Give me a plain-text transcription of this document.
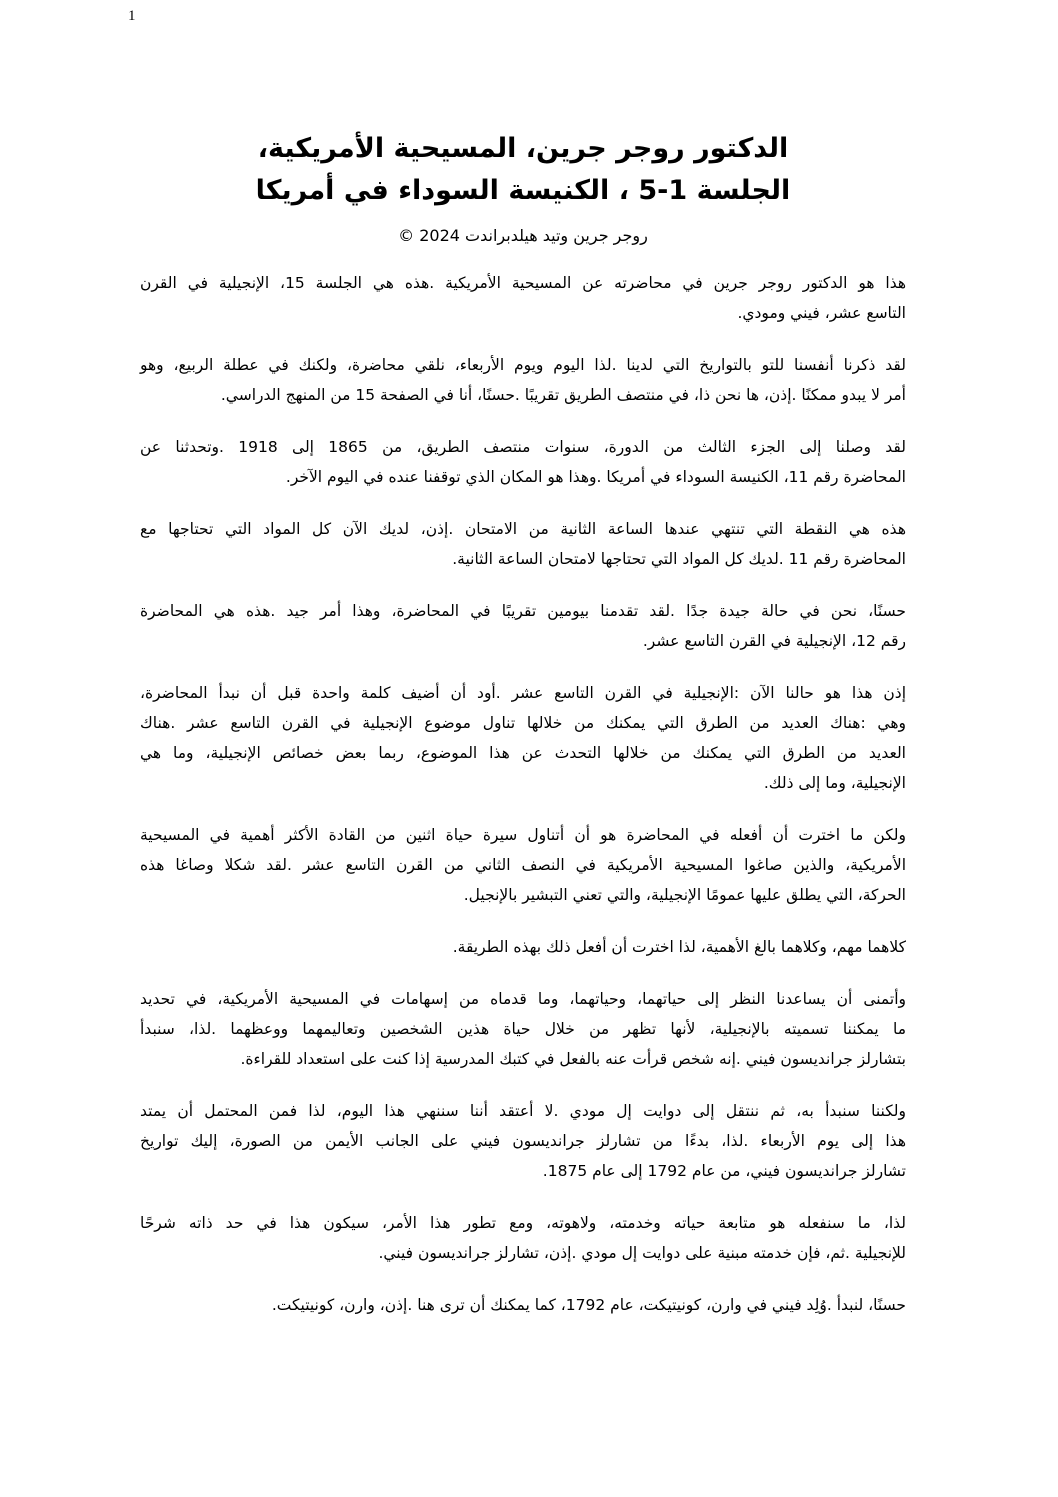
1
الدكتور روجر جرين، المسيحية الأمريكية،
الجلسة 1-5 ، الكنيسة السوداء في أمريكا
روجر جرين وتيد هيلدبراندت 2024 ©
هذا هو الدكتور روجر جرين في محاضرته عن المسيحية الأمريكية .هذه هي الجلسة 15، الإنجيلية في القرن
التاسع عشر، فيني ومودي.
لقد ذكرنا أنفسنا للتو بالتواريخ التي لدينا .لذا اليوم ويوم الأربعاء، نلقي محاضرة، ولكنك في عطلة الربيع، وهو
أمر لا يبدو ممكنًا .إذن، ها نحن ذا، في منتصف الطريق تقريبًا .حسنًا، أنا في الصفحة 15 من المنهج الدراسي.
لقد وصلنا إلى الجزء الثالث من الدورة، سنوات منتصف الطريق، من 1865 إلى 1918 .وتحدثنا عن
المحاضرة رقم 11، الكنيسة السوداء في أمريكا .وهذا هو المكان الذي توقفنا عنده في اليوم الآخر.
هذه هي النقطة التي تنتهي عندها الساعة الثانية من الامتحان .إذن، لديك الآن كل المواد التي تحتاجها مع
المحاضرة رقم 11 .لديك كل المواد التي تحتاجها لامتحان الساعة الثانية.
حسنًا، نحن في حالة جيدة جدًا .لقد تقدمنا بيومين تقريبًا في المحاضرة، وهذا أمر جيد .هذه هي المحاضرة
رقم 12، الإنجيلية في القرن التاسع عشر.
إذن هذا هو حالنا الآن :الإنجيلية في القرن التاسع عشر .أود أن أضيف كلمة واحدة قبل أن نبدأ المحاضرة،
وهي :هناك العديد من الطرق التي يمكنك من خلالها تناول موضوع الإنجيلية في القرن التاسع عشر .هناك
العديد من الطرق التي يمكنك من خلالها التحدث عن هذا الموضوع، ربما بعض خصائص الإنجيلية، وما هي
الإنجيلية، وما إلى ذلك.
ولكن ما اخترت أن أفعله في المحاضرة هو أن أتناول سيرة حياة اثنين من القادة الأكثر أهمية في المسيحية
الأمريكية، والذين صاغوا المسيحية الأمريكية في النصف الثاني من القرن التاسع عشر .لقد شكلا وصاغا هذه
الحركة، التي يطلق عليها عمومًا الإنجيلية، والتي تعني التبشير بالإنجيل.
كلاهما مهم، وكلاهما بالغ الأهمية، لذا اخترت أن أفعل ذلك بهذه الطريقة.
وأتمنى أن يساعدنا النظر إلى حياتهما، وحياتهما، وما قدماه من إسهامات في المسيحية الأمريكية، في تحديد
ما يمكننا تسميته بالإنجيلية، لأنها تظهر من خلال حياة هذين الشخصين وتعاليمهما ووعظهما .لذا، سنبدأ
بتشارلز جرانديسون فيني .إنه شخص قرأت عنه بالفعل في كتبك المدرسية إذا كنت على استعداد للقراءة.
ولكننا سنبدأ به، ثم ننتقل إلى دوايت إل مودي .لا أعتقد أننا سننهي هذا اليوم، لذا فمن المحتمل أن يمتد
هذا إلى يوم الأربعاء .لذا، بدءًا من تشارلز جرانديسون فيني على الجانب الأيمن من الصورة، إليك تواريخ
تشارلز جرانديسون فيني، من عام 1792 إلى عام 1875.
لذا، ما سنفعله هو متابعة حياته وخدمته، ولاهوته، ومع تطور هذا الأمر، سيكون هذا في حد ذاته شرحًا
للإنجيلية .ثم، فإن خدمته مبنية على دوايت إل مودي .إذن، تشارلز جرانديسون فيني.
حسنًا، لنبدأ .وُلِد فيني في وارن، كونيتيكت، عام 1792، كما يمكنك أن ترى هنا .إذن، وارن، كونيتيكت.
